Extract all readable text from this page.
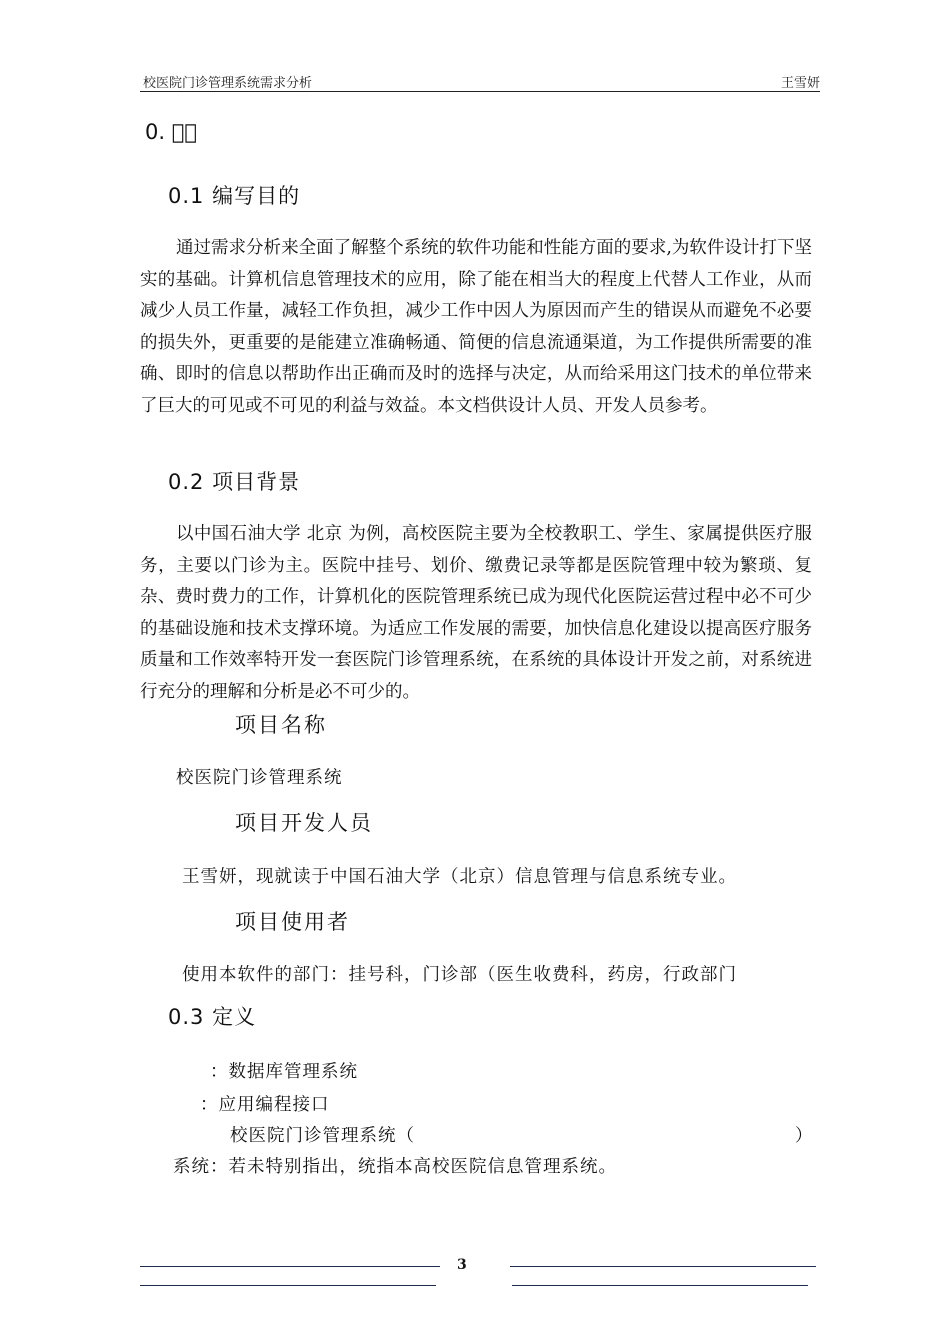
校医院门诊管理系统需求分析	王雪妍
0. ￿￿
0.1 编写目的

通过需求分析来全面了解整个系统的软件功能和性能方面的要求,为软件设计打下坚实的基础。计算机信息管理技术的应用，除了能在相当大的程度上代替人工作业，从而减少人员工作量，减轻工作负担，减少工作中因人为原因而产生的错误从而避免不必要的损失外，更重要的是能建立准确畅通、简便的信息流通渠道，为工作提供所需要的准确、即时的信息以帮助作出正确而及时的选择与决定，从而给采用这门技术的单位带来了巨大的可见或不可见的利益与效益。本文档供设计人员、开发人员参考。

0.2 项目背景

以中国石油大学 北京 为例，高校医院主要为全校教职工、学生、家属提供医疗服务，主要以门诊为主。医院中挂号、划价、缴费记录等都是医院管理中较为繁琐、复杂、费时费力的工作，计算机化的医院管理系统已成为现代化医院运营过程中必不可少的基础设施和技术支撑环境。为适应工作发展的需要，加快信息化建设以提高医疗服务质量和工作效率特开发一套医院门诊管理系统，在系统的具体设计开发之前，对系统进行充分的理解和分析是必不可少的。

项目名称
校医院门诊管理系统
项目开发人员
王雪妍，现就读于中国石油大学（北京）信息管理与信息系统专业。
项目使用者
使用本软件的部门：挂号科，门诊部（医生收费科，药房，行政部门
0.3 定义
：数据库管理系统
：应用编程接口
校医院门诊管理系统（	）
系统：若未特别指出，统指本高校医院信息管理系统。
3
